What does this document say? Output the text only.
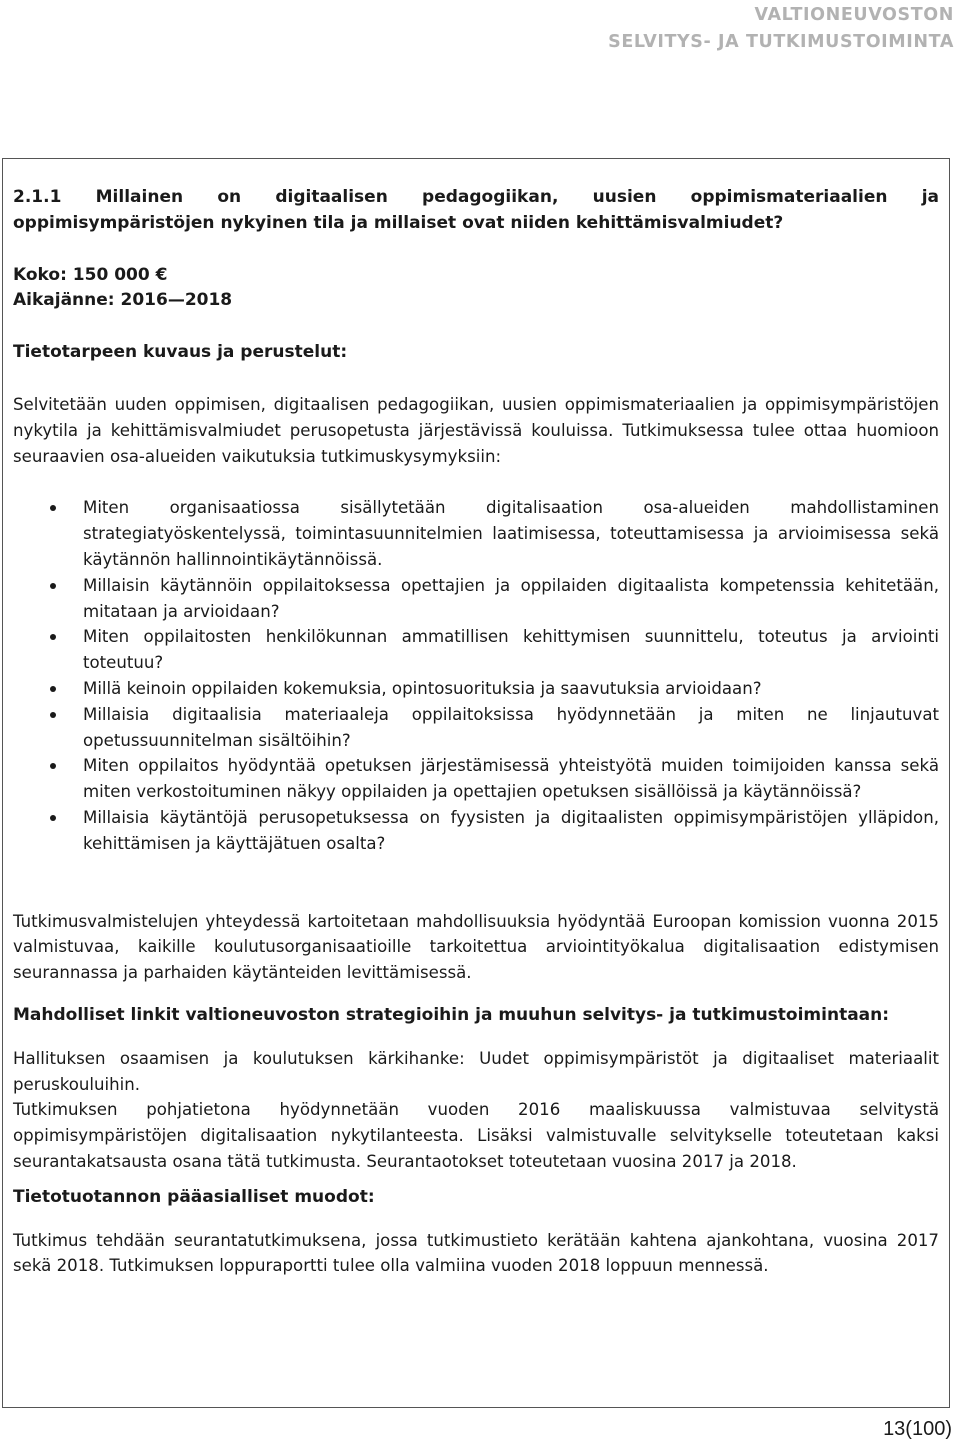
VALTIONEUVOSTON
SELVITYS- JA TUTKIMUSTOIMINTA

2.1.1 Millainen on digitaalisen pedagogiikan, uusien oppimismateriaalien ja oppimisympäristöjen nykyinen tila ja millaiset ovat niiden kehittämisvalmiudet?

Koko: 150 000 €

Aikajänne: 2016—2018

Tietotarpeen kuvaus ja perustelut:

Selvitetään uuden oppimisen, digitaalisen pedagogiikan, uusien oppimismateriaalien ja oppimisympäristöjen nykytila ja kehittämisvalmiudet perusopetusta järjestävissä kouluissa. Tutkimuksessa tulee ottaa huomioon seuraavien osa-alueiden vaikutuksia tutkimuskysymyksiin:

Miten organisaatiossa sisällytetään digitalisaation osa-alueiden mahdollistaminen strategiatyöskentelyssä, toimintasuunnitelmien laatimisessa, toteuttamisessa ja arvioimisessa sekä käytännön hallinnointikäytännöissä.
Millaisin käytännöin oppilaitoksessa opettajien ja oppilaiden digitaalista kompetenssia kehitetään, mitataan ja arvioidaan?
Miten oppilaitosten henkilökunnan ammatillisen kehittymisen suunnittelu, toteutus ja arviointi toteutuu?
Millä keinoin oppilaiden kokemuksia, opintosuorituksia ja saavutuksia arvioidaan?
Millaisia digitaalisia materiaaleja oppilaitoksissa hyödynnetään ja miten ne linjautuvat opetussuunnitelman sisältöihin?
Miten oppilaitos hyödyntää opetuksen järjestämisessä yhteistyötä muiden toimijoiden kanssa sekä miten verkostoituminen näkyy oppilaiden ja opettajien opetuksen sisällöissä ja käytännöissä?
Millaisia käytäntöjä perusopetuksessa on fyysisten ja digitaalisten oppimisympäristöjen ylläpidon, kehittämisen ja käyttäjätuen osalta?

Tutkimusvalmistelujen yhteydessä kartoitetaan mahdollisuuksia hyödyntää Euroopan komission vuonna 2015 valmistuvaa, kaikille koulutusorganisaatioille tarkoitettua arviointityökalua digitalisaation edistymisen seurannassa ja parhaiden käytänteiden levittämisessä.

Mahdolliset linkit valtioneuvoston strategioihin ja muuhun selvitys- ja tutkimustoimintaan:

Hallituksen osaamisen ja koulutuksen kärkihanke: Uudet oppimisympäristöt ja digitaaliset materiaalit peruskouluihin.

Tutkimuksen pohjatietona hyödynnetään vuoden 2016 maaliskuussa valmistuvaa selvitystä oppimisympäristöjen digitalisaation nykytilanteesta. Lisäksi valmistuvalle selvitykselle toteutetaan kaksi seurantakatsausta osana tätä tutkimusta. Seurantaotokset toteutetaan vuosina 2017 ja 2018.

Tietotuotannon pääasialliset muodot:

Tutkimus tehdään seurantatutkimuksena, jossa tutkimustieto kerätään kahtena ajankohtana, vuosina 2017 sekä 2018. Tutkimuksen loppuraportti tulee olla valmiina vuoden 2018 loppuun mennessä.

13(100)
